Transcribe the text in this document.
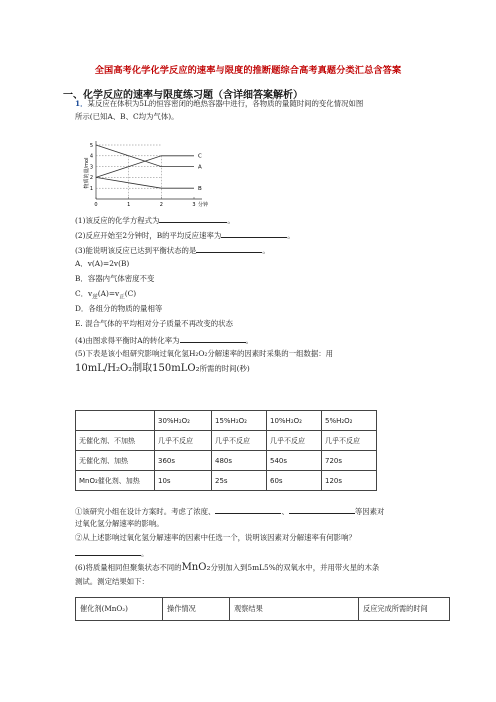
全国高考化学化学反应的速率与限度的推断题综合高考真题分类汇总含答案
一、化学反应的速率与限度练习题（含详细答案解析）
1．某反应在体积为5L的恒容密闭的绝热容器中进行，各物质的量随时间的变化情况如图
所示(已知A、B、C均为气体)。
物质的量/mol
5
4
3
2
1
0	1	2	3 分钟
C
A
B
(1)该反应的化学方程式为	。
(2)反应开始至2分钟时，B的平均反应速率为	。
(3)能说明该反应已达到平衡状态的是	。
A．v(A)=2v(B)
B．容器内气体密度不变
C．$v_逆(A)=v_正(C)$
D．各组分的物质的量相等
E. 混合气体的平均相对分子质量不再改变的状态
(4)由图求得平衡时A的转化率为	。
(5)下表是该小组研究影响过氧化氢H₂O₂分解速率的因素时采集的一组数据：用
10mL/H₂O₂制取150mLO₂所需的时间(秒)
	30%H₂O₂	15%H₂O₂	10%H₂O₂	5%H₂O₂
无催化剂、不加热	几乎不反应	几乎不反应	几乎不反应	几乎不反应
无催化剂、加热	360s	480s	540s	720s
MnO₂催化剂、加热	10s	25s	60s	120s
①该研究小组在设计方案时。考虑了浓度、	、	等因素对
过氧化氢分解速率的影响。
②从上述影响过氧化氢分解速率的因素中任选一个，说明该因素对分解速率有何影响？
。
(6)将质量相同但聚集状态不同的MnO₂分别加入到5mL5%的双氧水中，并用带火星的木条
测试。测定结果如下：
催化剂(MnO₂)	操作情况	观察结果	反应完成所需的时间
